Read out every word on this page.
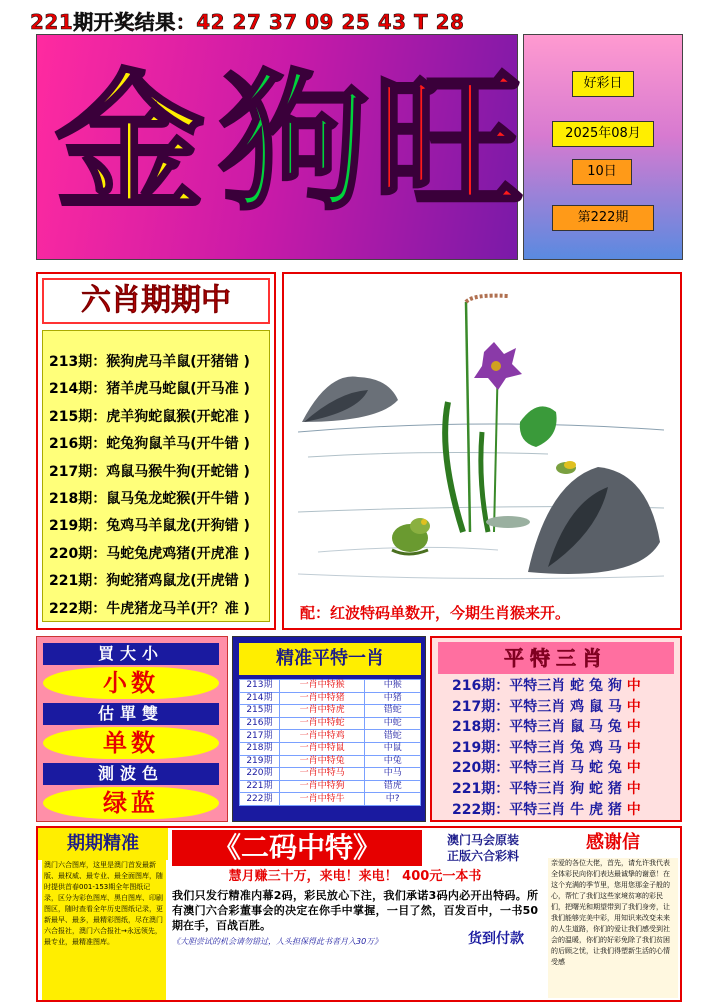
221期开奖结果：42 27 37 09 25 43 T 28
金 狗 旺	好彩日
2025年08月
10日
第222期
六肖期期中
213期：猴狗虎马羊鼠(开猪错 )
214期：猪羊虎马蛇鼠(开马准 )
215期：虎羊狗蛇鼠猴(开蛇准 )
216期：蛇兔狗鼠羊马(开牛错 )
217期：鸡鼠马猴牛狗(开蛇错 )
218期：鼠马兔龙蛇猴(开牛错 )
219期：兔鸡马羊鼠龙(开狗错 )
220期：马蛇兔虎鸡猪(开虎准 )
221期：狗蛇猪鸡鼠龙(开虎错 )
222期：牛虎猪龙马羊(开？准 )	配：红波特码单数开，今期生肖猴来开。
買大小
小数
估單雙
单数
測波色
绿蓝
精准平特一肖
213期	一肖中特猴	中猴
214期	一肖中特猪	中猪
215期	一肖中特虎	错蛇
216期	一肖中特蛇	中蛇
217期	一肖中特鸡	错蛇
218期	一肖中特鼠	中鼠
219期	一肖中特兔	中兔
220期	一肖中特马	中马
221期	一肖中特狗	错虎
222期	一肖中特牛	中?
平特三肖
216期：平特三肖 蛇 兔 狗 中
217期：平特三肖 鸡 鼠 马 中
218期：平特三肖 鼠 马 兔 中
219期：平特三肖 兔 鸡 马 中
220期：平特三肖 马 蛇 兔 中
221期：平特三肖 狗 蛇 猪 中
222期：平特三肖 牛 虎 猪 中
期期精准
澳门六合图库，这里是澳门首发最新版、最权威、最专业、最全面图库，随时提供首春001-153期全年图纸记录，区分为彩色图库、黑白图库、印刷图区，随时查看全年历史图纸记录，更新最早、最多，最精彩图纸，尽在澳门六合报社，澳门六合报社→永远领先，最专业，最精准图库。
《二码中特》	澳门马会原装
正版六合彩料
慧月赚三十万，来电！来电！ 400元一本书
我们只发行精准内幕2码，彩民放心下注，我们承诺3码内必开出特码。所有澳门六合彩董事会的决定在你手中掌握，一目了然，百发百中，一书50期在手，百战百胜。
《大胆尝试的机会请勿错过，人头担保得此书者月入30万》	货到付款
感谢信
亲爱的各位大佬，首先，请允许我代表全体彩民向你们表达最诚挚的谢意！在这个充满的季节里，您用您那金子般的心，帮忙了我们这些家境贫寒的彩民们，把曙光和期望带到了我们身旁，让我们能够完美中彩，用知识来改变未来的人生道路，你们的爱让我们感受到社会的温暖，你们的好彩免除了我们贫困的后顾之忧，让我们得塑新生活的心情受感
